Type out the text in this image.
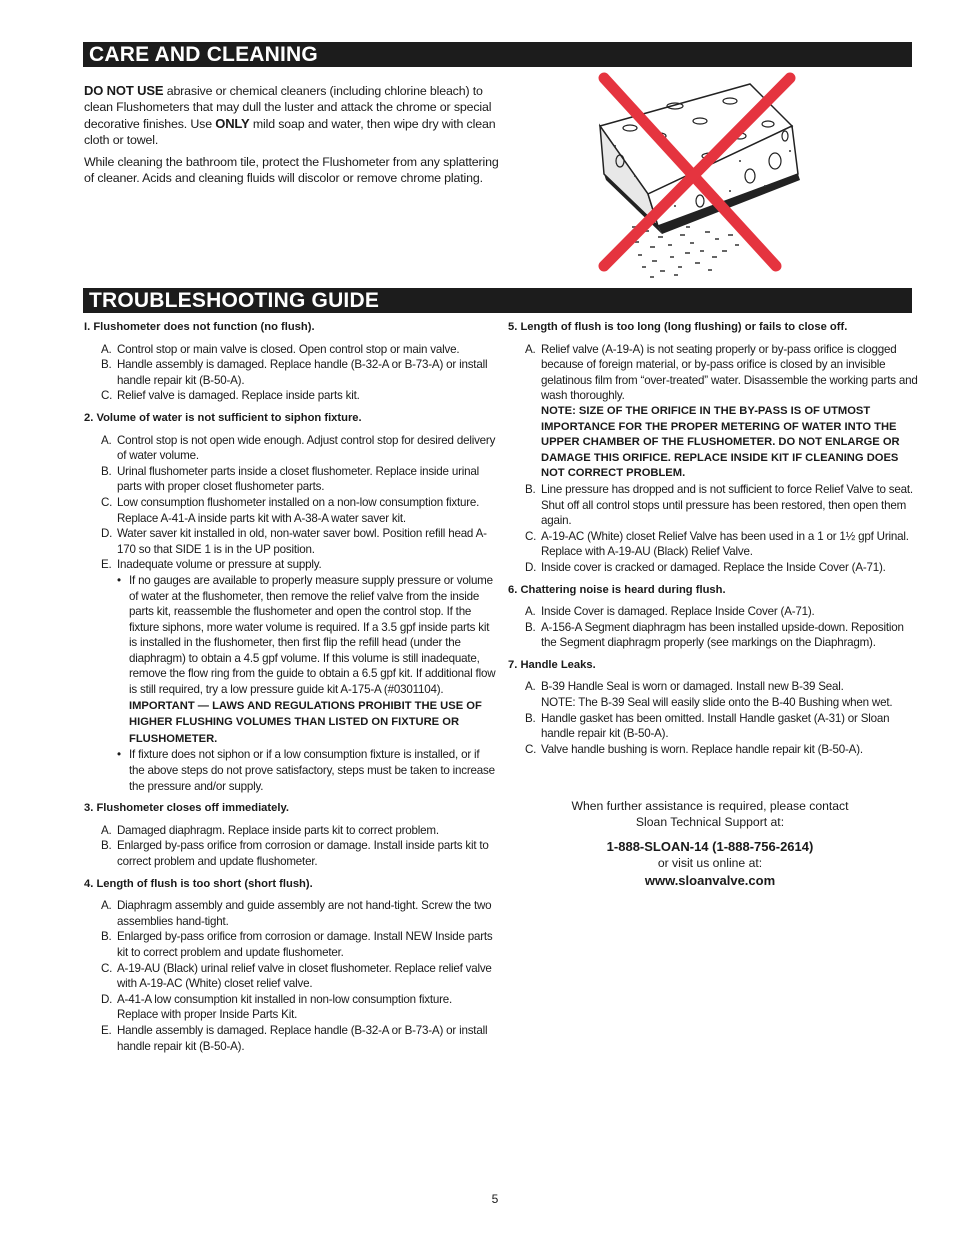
CARE AND CLEANING

DO NOT USE abrasive or chemical cleaners (including chlorine bleach) to clean Flushometers that may dull the luster and attack the chrome or special decorative finishes. Use ONLY mild soap and water, then wipe dry with clean cloth or towel.

While cleaning the bathroom tile, protect the Flushometer from any splattering of cleaner. Acids and cleaning fluids will discolor or remove chrome plating.

TROUBLESHOOTING GUIDE
I. Flushometer does not function (no flush).
A. Control stop or main valve is closed. Open control stop or main valve.
B. Handle assembly is damaged. Replace handle (B-32-A or B-73-A) or install handle repair kit (B-50-A).
C. Relief valve is damaged. Replace inside parts kit.
2. Volume of water is not sufficient to siphon fixture.
A. Control stop is not open wide enough. Adjust control stop for desired delivery of water volume.
B. Urinal flushometer parts inside a closet flushometer. Replace inside urinal parts with proper closet flushometer parts.
C. Low consumption flushometer installed on a non-low consumption fixture. Replace A-41-A inside parts kit with A-38-A water saver kit.
D. Water saver kit installed in old, non-water saver bowl. Position refill head A-170 so that SIDE 1 is in the UP position.
E. Inadequate volume or pressure at supply.
• If no gauges are available to properly measure supply pressure or volume of water at the flushometer, then remove the relief valve from the inside parts kit, reassemble the flushometer and open the control stop. If the fixture siphons, more water volume is required. If a 3.5 gpf inside parts kit is installed in the flushometer, then first flip the refill head (under the diaphragm) to obtain a 4.5 gpf volume. If this volume is still inadequate, remove the flow ring from the guide to obtain a 6.5 gpf kit. If additional flow is still required, try a low pressure guide kit A-175-A (#0301104). IMPORTANT — LAWS AND REGULATIONS PROHIBIT THE USE OF HIGHER FLUSHING VOLUMES THAN LISTED ON FIXTURE OR FLUSHOMETER.
• If fixture does not siphon or if a low consumption fixture is installed, or if the above steps do not prove satisfactory, steps must be taken to increase the pressure and/or supply.
3. Flushometer closes off immediately.
A. Damaged diaphragm. Replace inside parts kit to correct problem.
B. Enlarged by-pass orifice from corrosion or damage. Install inside parts kit to correct problem and update flushometer.
4. Length of flush is too short (short flush).
A. Diaphragm assembly and guide assembly are not hand-tight. Screw the two assemblies hand-tight.
B. Enlarged by-pass orifice from corrosion or damage. Install NEW Inside parts kit to correct problem and update flushometer.
C. A-19-AU (Black) urinal relief valve in closet flushometer. Replace relief valve with A-19-AC (White) closet relief valve.
D. A-41-A low consumption kit installed in non-low consumption fixture. Replace with proper Inside Parts Kit.
E. Handle assembly is damaged. Replace handle (B-32-A or B-73-A) or install handle repair kit (B-50-A).
5. Length of flush is too long (long flushing) or fails to close off.
A. Relief valve (A-19-A) is not seating properly or by-pass orifice is clogged because of foreign material, or by-pass orifice is closed by an invisible gelatinous film from “over-treated” water. Disassemble the working parts and wash thoroughly.
NOTE: SIZE OF THE ORIFICE IN THE BY-PASS IS OF UTMOST IMPORTANCE FOR THE PROPER METERING OF WATER INTO THE UPPER CHAMBER OF THE FLUSHOMETER. DO NOT ENLARGE OR DAMAGE THIS ORIFICE. REPLACE INSIDE KIT IF CLEANING DOES NOT CORRECT PROBLEM.
B. Line pressure has dropped and is not sufficient to force Relief Valve to seat. Shut off all control stops until pressure has been restored, then open them again.
C. A-19-AC (White) closet Relief Valve has been used in a 1 or 1½ gpf Urinal. Replace with A-19-AU (Black) Relief Valve.
D. Inside cover is cracked or damaged. Replace the Inside Cover (A-71).
6. Chattering noise is heard during flush.
A. Inside Cover is damaged. Replace Inside Cover (A-71).
B. A-156-A Segment diaphragm has been installed upside-down. Reposition the Segment diaphragm properly (see markings on the Diaphragm).
7. Handle Leaks.
A. B-39 Handle Seal is worn or damaged. Install new B-39 Seal.
NOTE: The B-39 Seal will easily slide onto the B-40 Bushing when wet.
B. Handle gasket has been omitted. Install Handle gasket (A-31) or Sloan handle repair kit (B-50-A).
C. Valve handle bushing is worn. Replace handle repair kit (B-50-A).
When further assistance is required, please contact
Sloan Technical Support at:
1-888-SLOAN-14 (1-888-756-2614)
or visit us online at:
www.sloanvalve.com
5
